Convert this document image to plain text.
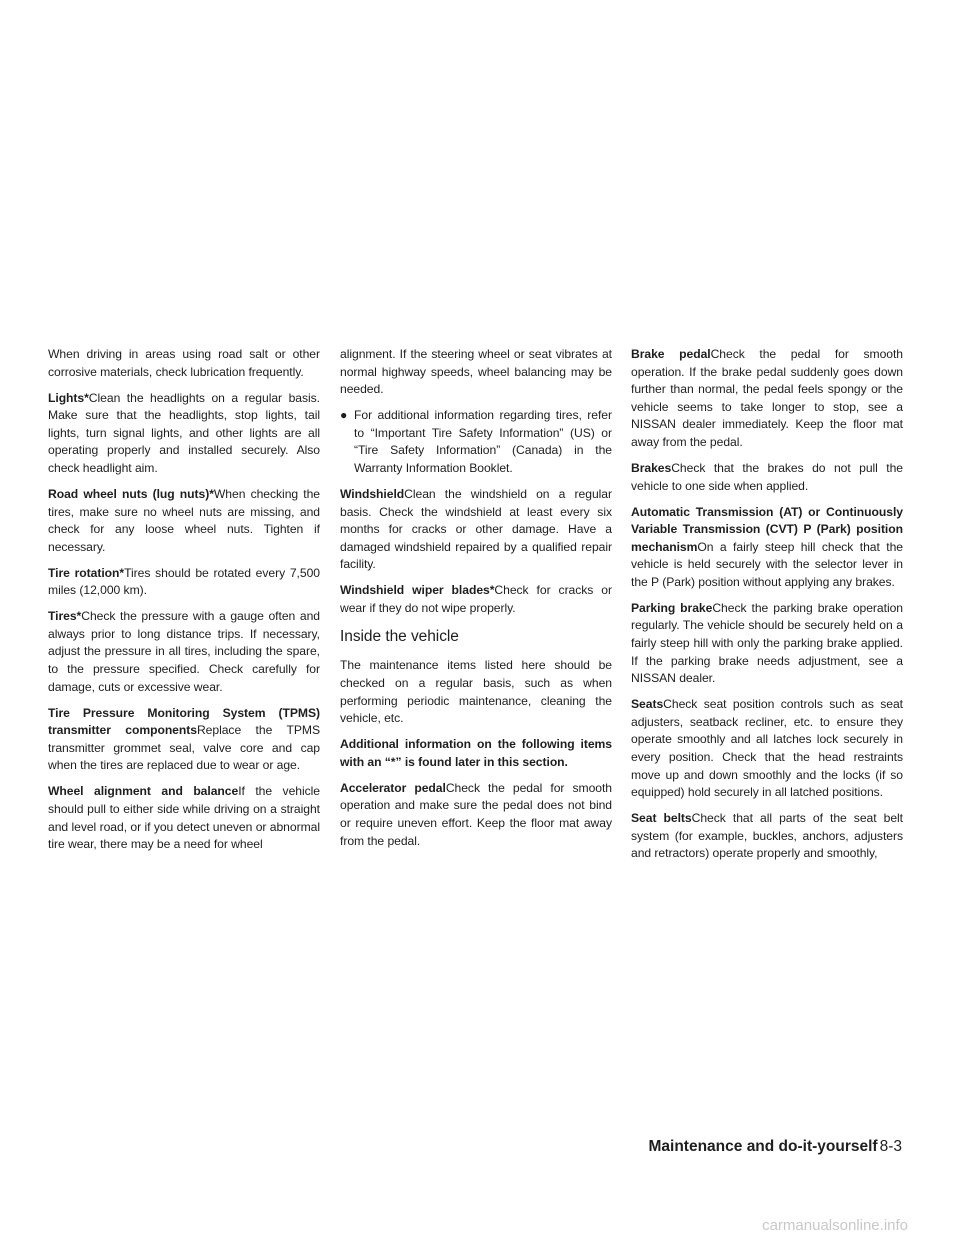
When driving in areas using road salt or other corrosive materials, check lubrication frequently.

Lights*Clean the headlights on a regular basis. Make sure that the headlights, stop lights, tail lights, turn signal lights, and other lights are all operating properly and installed securely. Also check headlight aim.

Road wheel nuts (lug nuts)*When checking the tires, make sure no wheel nuts are missing, and check for any loose wheel nuts. Tighten if necessary.

Tire rotation*Tires should be rotated every 7,500 miles (12,000 km).

Tires*Check the pressure with a gauge often and always prior to long distance trips. If necessary, adjust the pressure in all tires, including the spare, to the pressure specified. Check carefully for damage, cuts or excessive wear.

Tire Pressure Monitoring System (TPMS) transmitter componentsReplace the TPMS transmitter grommet seal, valve core and cap when the tires are replaced due to wear or age.

Wheel alignment and balanceIf the vehicle should pull to either side while driving on a straight and level road, or if you detect uneven or abnormal tire wear, there may be a need for wheel

alignment. If the steering wheel or seat vibrates at normal highway speeds, wheel balancing may be needed.

● For additional information regarding tires, refer to “Important Tire Safety Information” (US) or “Tire Safety Information” (Canada) in the Warranty Information Booklet.

WindshieldClean the windshield on a regular basis. Check the windshield at least every six months for cracks or other damage. Have a damaged windshield repaired by a qualified repair facility.

Windshield wiper blades*Check for cracks or wear if they do not wipe properly.

Inside the vehicle

The maintenance items listed here should be checked on a regular basis, such as when performing periodic maintenance, cleaning the vehicle, etc.

Additional information on the following items with an “*” is found later in this section.

Accelerator pedalCheck the pedal for smooth operation and make sure the pedal does not bind or require uneven effort. Keep the floor mat away from the pedal.

Brake pedalCheck the pedal for smooth operation. If the brake pedal suddenly goes down further than normal, the pedal feels spongy or the vehicle seems to take longer to stop, see a NISSAN dealer immediately. Keep the floor mat away from the pedal.

BrakesCheck that the brakes do not pull the vehicle to one side when applied.

Automatic Transmission (AT) or Continuously Variable Transmission (CVT) P (Park) position mechanismOn a fairly steep hill check that the vehicle is held securely with the selector lever in the P (Park) position without applying any brakes.

Parking brakeCheck the parking brake operation regularly. The vehicle should be securely held on a fairly steep hill with only the parking brake applied. If the parking brake needs adjustment, see a NISSAN dealer.

SeatsCheck seat position controls such as seat adjusters, seatback recliner, etc. to ensure they operate smoothly and all latches lock securely in every position. Check that the head restraints move up and down smoothly and the locks (if so equipped) hold securely in all latched positions.

Seat beltsCheck that all parts of the seat belt system (for example, buckles, anchors, adjusters and retractors) operate properly and smoothly,

Maintenance and do-it-yourself 8-3
carmanualsonline.info
